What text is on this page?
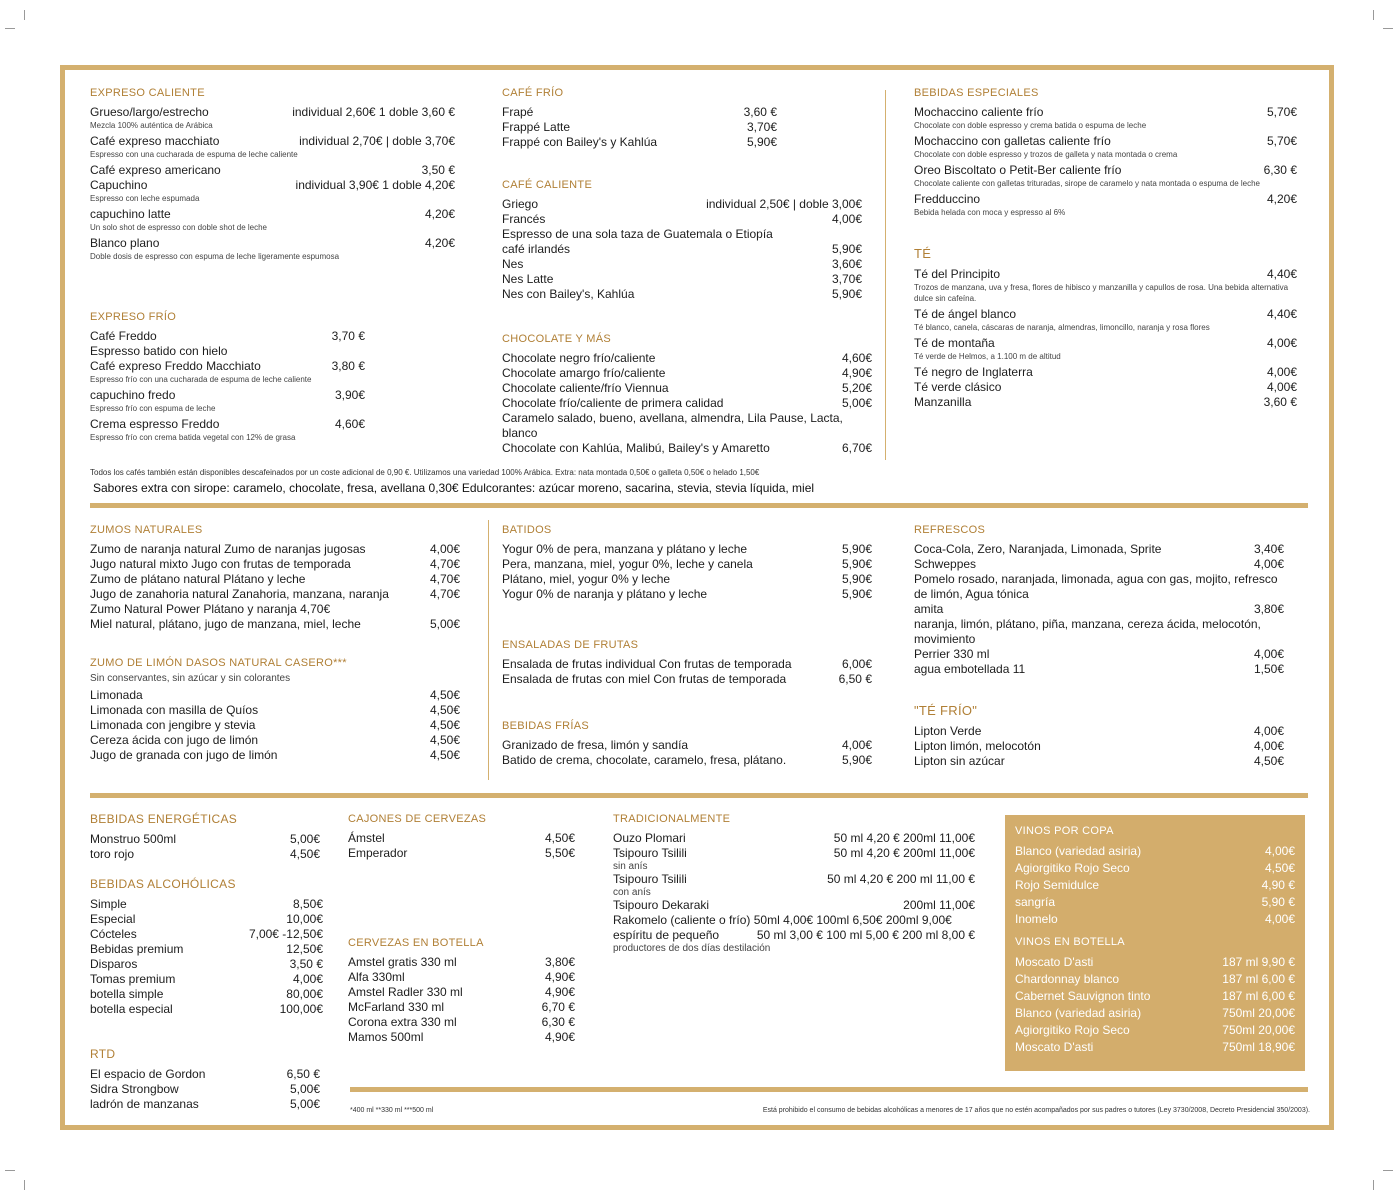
EXPRESO CALIENTE
Grueso/largo/estrecho	individual 2,60€ 1 doble 3,60 €
Mezcla 100% auténtica de Arábica
Café expreso macchiato	individual 2,70€ | doble 3,70€
Espresso con una cucharada de espuma de leche caliente
Café expreso americano	3,50 €
Capuchino	individual 3,90€ 1 doble 4,20€
Espresso con leche espumada
capuchino latte	4,20€
Un solo shot de espresso con doble shot de leche
Blanco plano	4,20€
Doble dosis de espresso con espuma de leche ligeramente espumosa
EXPRESO FRÍO
Café Freddo	3,70 €
Espresso batido con hielo
Café expreso Freddo Macchiato	3,80 €
Espresso frío con una cucharada de espuma de leche caliente
capuchino fredo	3,90€
Espresso frío con espuma de leche
Crema espresso Freddo	4,60€
Espresso frío con crema batida vegetal con 12% de grasa
CAFÉ FRÍO
Frapé	3,60 €
Frappé Latte	3,70€
Frappé con Bailey's y Kahlúa	5,90€
CAFÉ CALIENTE
Griego	individual 2,50€ | doble 3,00€
Francés	4,00€
Espresso de una sola taza de Guatemala o Etiopía
café irlandés	5,90€
Nes	3,60€
Nes Latte	3,70€
Nes con Bailey's, Kahlúa	5,90€
CHOCOLATE Y MÁS
Chocolate negro frío/caliente	4,60€
Chocolate amargo frío/caliente	4,90€
Chocolate caliente/frío Viennua	5,20€
Chocolate frío/caliente de primera calidad	5,00€
Caramelo salado, bueno, avellana, almendra, Lila Pause, Lacta, blanco
Chocolate con Kahlúa, Malibú, Bailey's y Amaretto	6,70€
BEBIDAS ESPECIALES
Mochaccino caliente frío	5,70€
Chocolate con doble espresso y crema batida o espuma de leche
Mochaccino con galletas caliente frío	5,70€
Chocolate con doble espresso y trozos de galleta y nata montada o crema
Oreo Biscoltato o Petit-Ber caliente frío	6,30 €
Chocolate caliente con galletas trituradas, sirope de caramelo y nata montada o espuma de leche
Fredduccino	4,20€
Bebida helada con moca y espresso al 6%
TÉ
Té del Principito	4,40€
Trozos de manzana, uva y fresa, flores de hibisco y manzanilla y capullos de rosa. Una bebida alternativa dulce sin cafeína.
Té de ángel blanco	4,40€
Té blanco, canela, cáscaras de naranja, almendras, limoncillo, naranja y rosa flores
Té de montaña	4,00€
Té verde de Helmos, a 1.100 m de altitud
Té negro de Inglaterra	4,00€
Té verde clásico	4,00€
Manzanilla	3,60 €
Todos los cafés también están disponibles descafeinados por un coste adicional de 0,90 €. Utilizamos una variedad 100% Arábica. Extra: nata montada 0,50€ o galleta 0,50€ o helado 1,50€
Sabores extra con sirope: caramelo, chocolate, fresa, avellana 0,30€ Edulcorantes: azúcar moreno, sacarina, stevia, stevia líquida, miel
ZUMOS NATURALES
Zumo de naranja natural Zumo de naranjas jugosas	4,00€
Jugo natural mixto Jugo con frutas de temporada	4,70€
Zumo de plátano natural Plátano y leche	4,70€
Jugo de zanahoria natural Zanahoria, manzana, naranja	4,70€
Zumo Natural Power Plátano y naranja 4,70€
Miel natural, plátano, jugo de manzana, miel, leche	5,00€
ZUMO DE LIMÓN DASOS NATURAL CASERO***
Sin conservantes, sin azúcar y sin colorantes
Limonada	4,50€
Limonada con masilla de Quíos	4,50€
Limonada con jengibre y stevia	4,50€
Cereza ácida con jugo de limón	4,50€
Jugo de granada con jugo de limón	4,50€
BATIDOS
Yogur 0% de pera, manzana y plátano y leche	5,90€
Pera, manzana, miel, yogur 0%, leche y canela	5,90€
Plátano, miel, yogur 0% y leche	5,90€
Yogur 0% de naranja y plátano y leche	5,90€
ENSALADAS DE FRUTAS
Ensalada de frutas individual Con frutas de temporada	6,00€
Ensalada de frutas con miel Con frutas de temporada	6,50 €
BEBIDAS FRÍAS
Granizado de fresa, limón y sandía	4,00€
Batido de crema, chocolate, caramelo, fresa, plátano.	5,90€
REFRESCOS
Coca-Cola, Zero, Naranjada, Limonada, Sprite	3,40€
Schweppes	4,00€
Pomelo rosado, naranjada, limonada, agua con gas, mojito, refresco de limón, Agua tónica
amita	3,80€
naranja, limón, plátano, piña, manzana, cereza ácida, melocotón, movimiento
Perrier 330 ml	4,00€
agua embotellada 11	1,50€
"TÉ FRÍO"
Lipton Verde	4,00€
Lipton limón, melocotón	4,00€
Lipton sin azúcar	4,50€
BEBIDAS ENERGÉTICAS
Monstruo 500ml	5,00€
toro rojo	4,50€
BEBIDAS ALCOHÓLICAS
Simple	8,50€
Especial	10,00€
Cócteles	7,00€ -12,50€
Bebidas premium	12,50€
Disparos	3,50 €
Tomas premium	4,00€
botella simple	80,00€
botella especial	100,00€
RTD
El espacio de Gordon	6,50 €
Sidra Strongbow	5,00€
ladrón de manzanas	5,00€
CAJONES DE CERVEZAS
Ámstel	4,50€
Emperador	5,50€
CERVEZAS EN BOTELLA
Amstel gratis 330 ml	3,80€
Alfa 330ml	4,90€
Amstel Radler 330 ml	4,90€
McFarland 330 ml	6,70 €
Corona extra 330 ml	6,30 €
Mamos 500ml	4,90€
TRADICIONALMENTE
Ouzo Plomari	50 ml 4,20 € 200ml 11,00€
Tsipouro Tsilili	50 ml 4,20 € 200ml 11,00€
sin anís
Tsipouro Tsilili	50 ml 4,20 € 200 ml 11,00 €
con anís
Tsipouro Dekaraki	200ml 11,00€
Rakomelo (caliente o frío) 50ml 4,00€ 100ml 6,50€ 200ml 9,00€
espíritu de pequeño	50 ml 3,00 € 100 ml 5,00 € 200 ml 8,00 €
productores de dos días destilación
VINOS POR COPA
Blanco (variedad asiria)	4,00€
Agiorgitiko Rojo Seco	4,50€
Rojo Semidulce	4,90 €
sangría	5,90 €
Inomelo	4,00€
VINOS EN BOTELLA
Moscato D'asti	187 ml 9,90 €
Chardonnay blanco	187 ml 6,00 €
Cabernet Sauvignon tinto	187 ml 6,00 €
Blanco (variedad asiria)	750ml 20,00€
Agiorgitiko Rojo Seco	750ml 20,00€
Moscato D'asti	750ml 18,90€
*400 ml **330 ml ***500 ml	Está prohibido el consumo de bebidas alcohólicas a menores de 17 años que no estén acompañados por sus padres o tutores (Ley 3730/2008, Decreto Presidencial 350/2003).
